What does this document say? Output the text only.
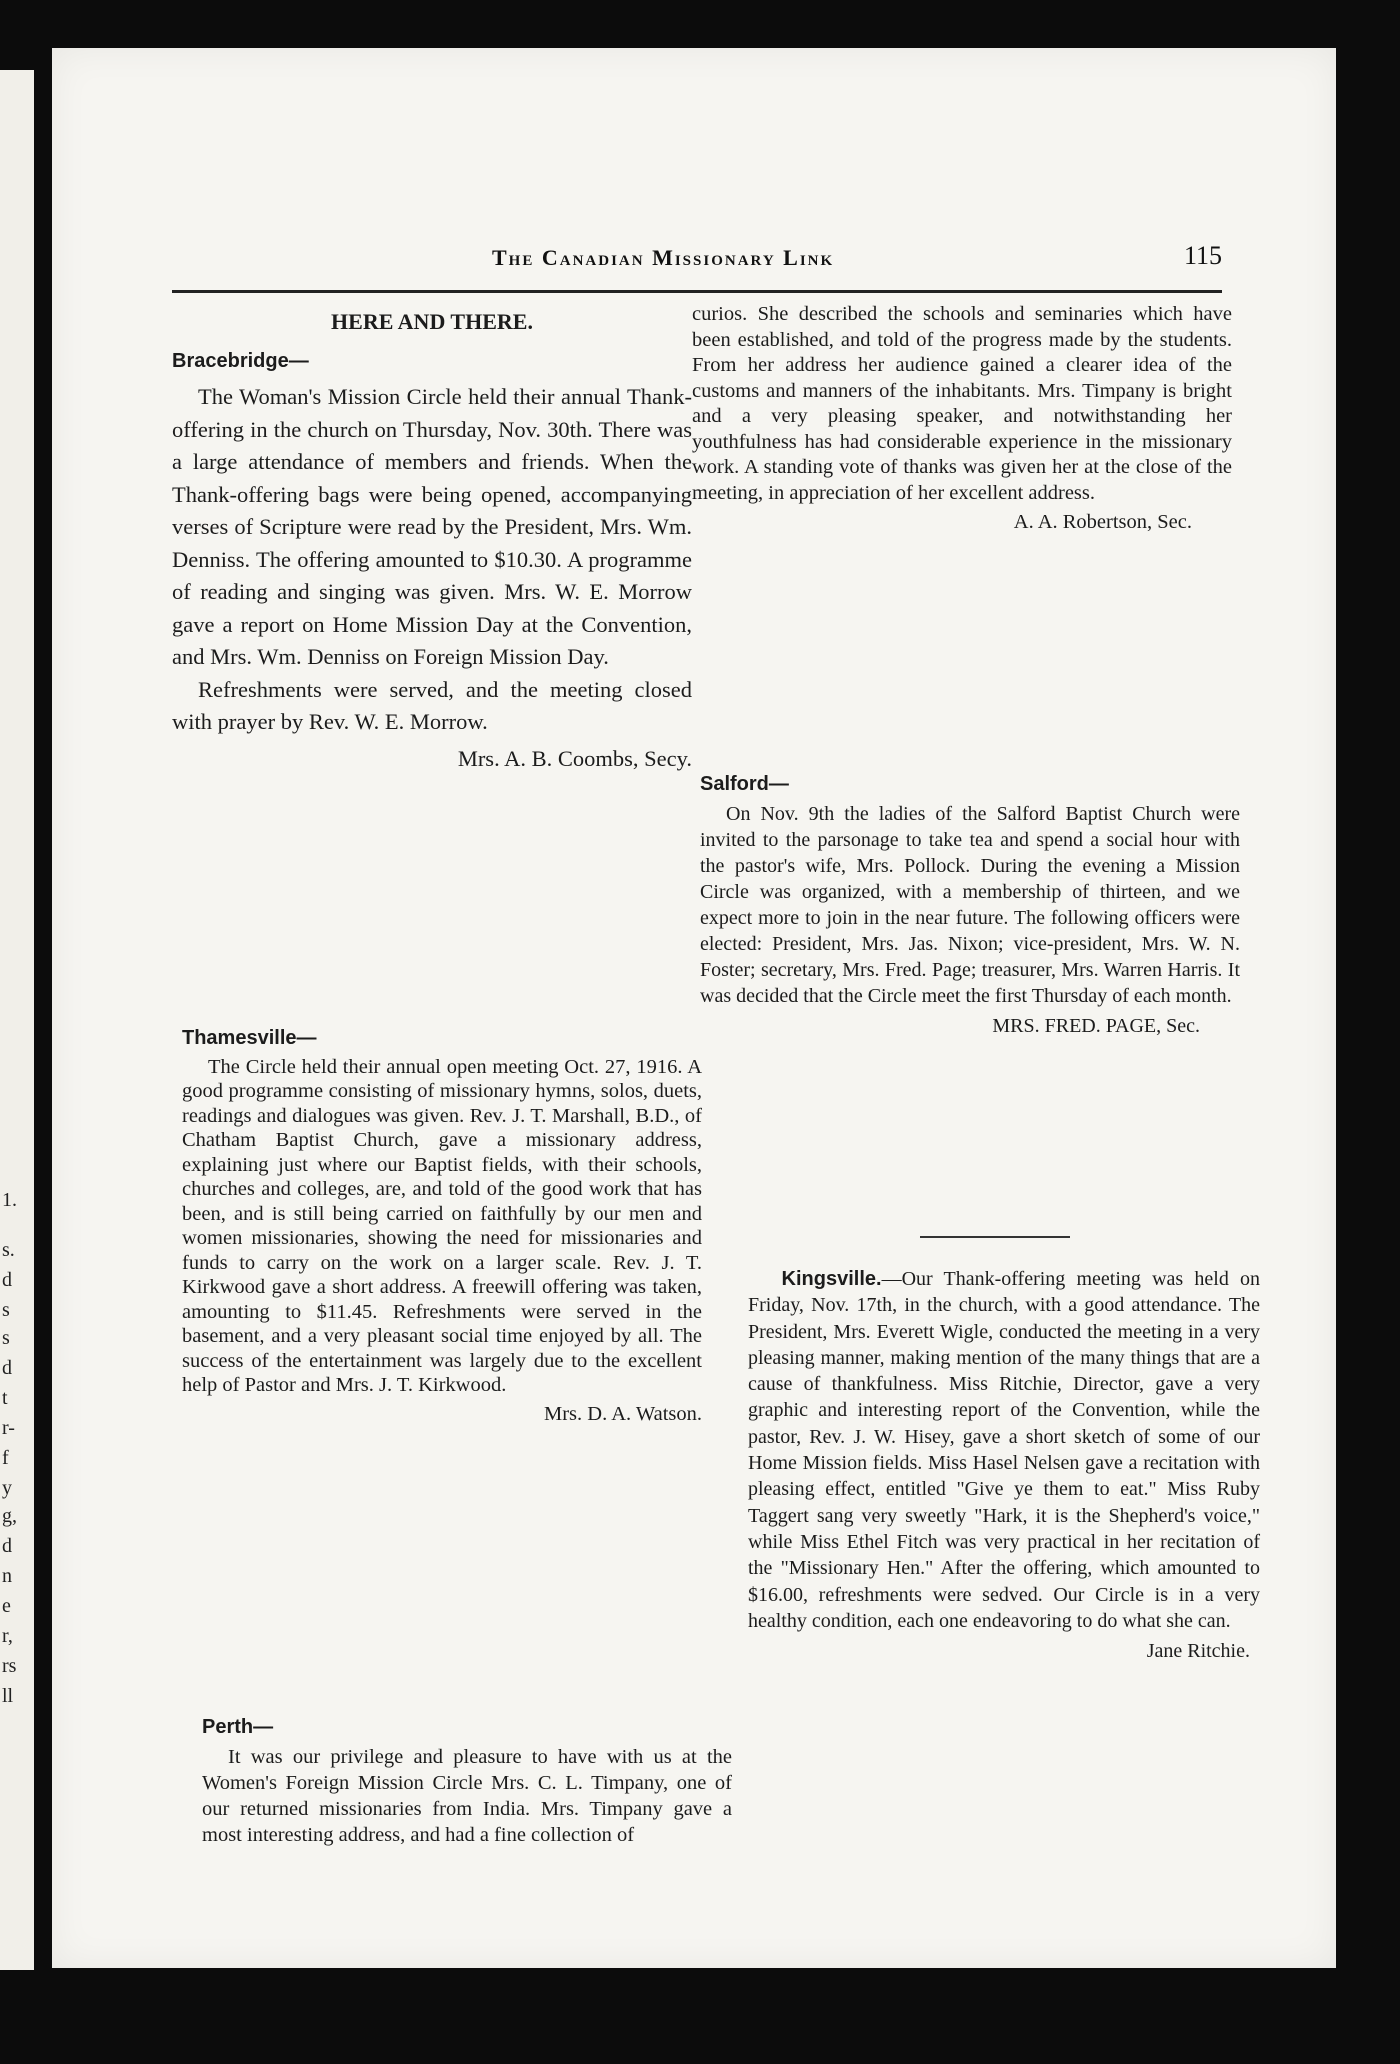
1.
s.
d
s
s
d
t
r-
f
y
g,
d
n
e
r,
rs
ll
The Canadian Missionary Link	115
HERE AND THERE.
Bracebridge—

The Woman's Mission Circle held their annual Thank-offering in the church on Thursday, Nov. 30th. There was a large attendance of members and friends. When the Thank-offering bags were being opened, accompanying verses of Scripture were read by the President, Mrs. Wm. Denniss. The offering amounted to $10.30. A programme of reading and singing was given. Mrs. W. E. Morrow gave a report on Home Mission Day at the Convention, and Mrs. Wm. Denniss on Foreign Mission Day.

Refreshments were served, and the meeting closed with prayer by Rev. W. E. Morrow.

Mrs. A. B. Coombs, Secy.
Thamesville—

The Circle held their annual open meeting Oct. 27, 1916. A good programme consisting of missionary hymns, solos, duets, readings and dialogues was given. Rev. J. T. Marshall, B.D., of Chatham Baptist Church, gave a missionary address, explaining just where our Baptist fields, with their schools, churches and colleges, are, and told of the good work that has been, and is still being carried on faithfully by our men and women missionaries, showing the need for missionaries and funds to carry on the work on a larger scale. Rev. J. T. Kirkwood gave a short address. A freewill offering was taken, amounting to $11.45. Refreshments were served in the basement, and a very pleasant social time enjoyed by all. The success of the entertainment was largely due to the excellent help of Pastor and Mrs. J. T. Kirkwood.

Mrs. D. A. Watson.
Perth—

It was our privilege and pleasure to have with us at the Women's Foreign Mission Circle Mrs. C. L. Timpany, one of our returned missionaries from India. Mrs. Timpany gave a most interesting address, and had a fine collection of

curios. She described the schools and seminaries which have been established, and told of the progress made by the students. From her address her audience gained a clearer idea of the customs and manners of the inhabitants. Mrs. Timpany is bright and a very pleasing speaker, and notwithstanding her youthfulness has had considerable experience in the missionary work. A standing vote of thanks was given her at the close of the meeting, in appreciation of her excellent address.

A. A. Robertson, Sec.
Salford—

On Nov. 9th the ladies of the Salford Baptist Church were invited to the parsonage to take tea and spend a social hour with the pastor's wife, Mrs. Pollock. During the evening a Mission Circle was organized, with a membership of thirteen, and we expect more to join in the near future. The following officers were elected: President, Mrs. Jas. Nixon; vice-president, Mrs. W. N. Foster; secretary, Mrs. Fred. Page; treasurer, Mrs. Warren Harris. It was decided that the Circle meet the first Thursday of each month.

MRS. FRED. PAGE, Sec.

Kingsville.—Our Thank-offering meeting was held on Friday, Nov. 17th, in the church, with a good attendance. The President, Mrs. Everett Wigle, conducted the meeting in a very pleasing manner, making mention of the many things that are a cause of thankfulness. Miss Ritchie, Director, gave a very graphic and interesting report of the Convention, while the pastor, Rev. J. W. Hisey, gave a short sketch of some of our Home Mission fields. Miss Hasel Nelsen gave a recitation with pleasing effect, entitled "Give ye them to eat." Miss Ruby Taggert sang very sweetly "Hark, it is the Shepherd's voice," while Miss Ethel Fitch was very practical in her recitation of the "Missionary Hen." After the offering, which amounted to $16.00, refreshments were sedved. Our Circle is in a very healthy condition, each one endeavoring to do what she can.

Jane Ritchie.
